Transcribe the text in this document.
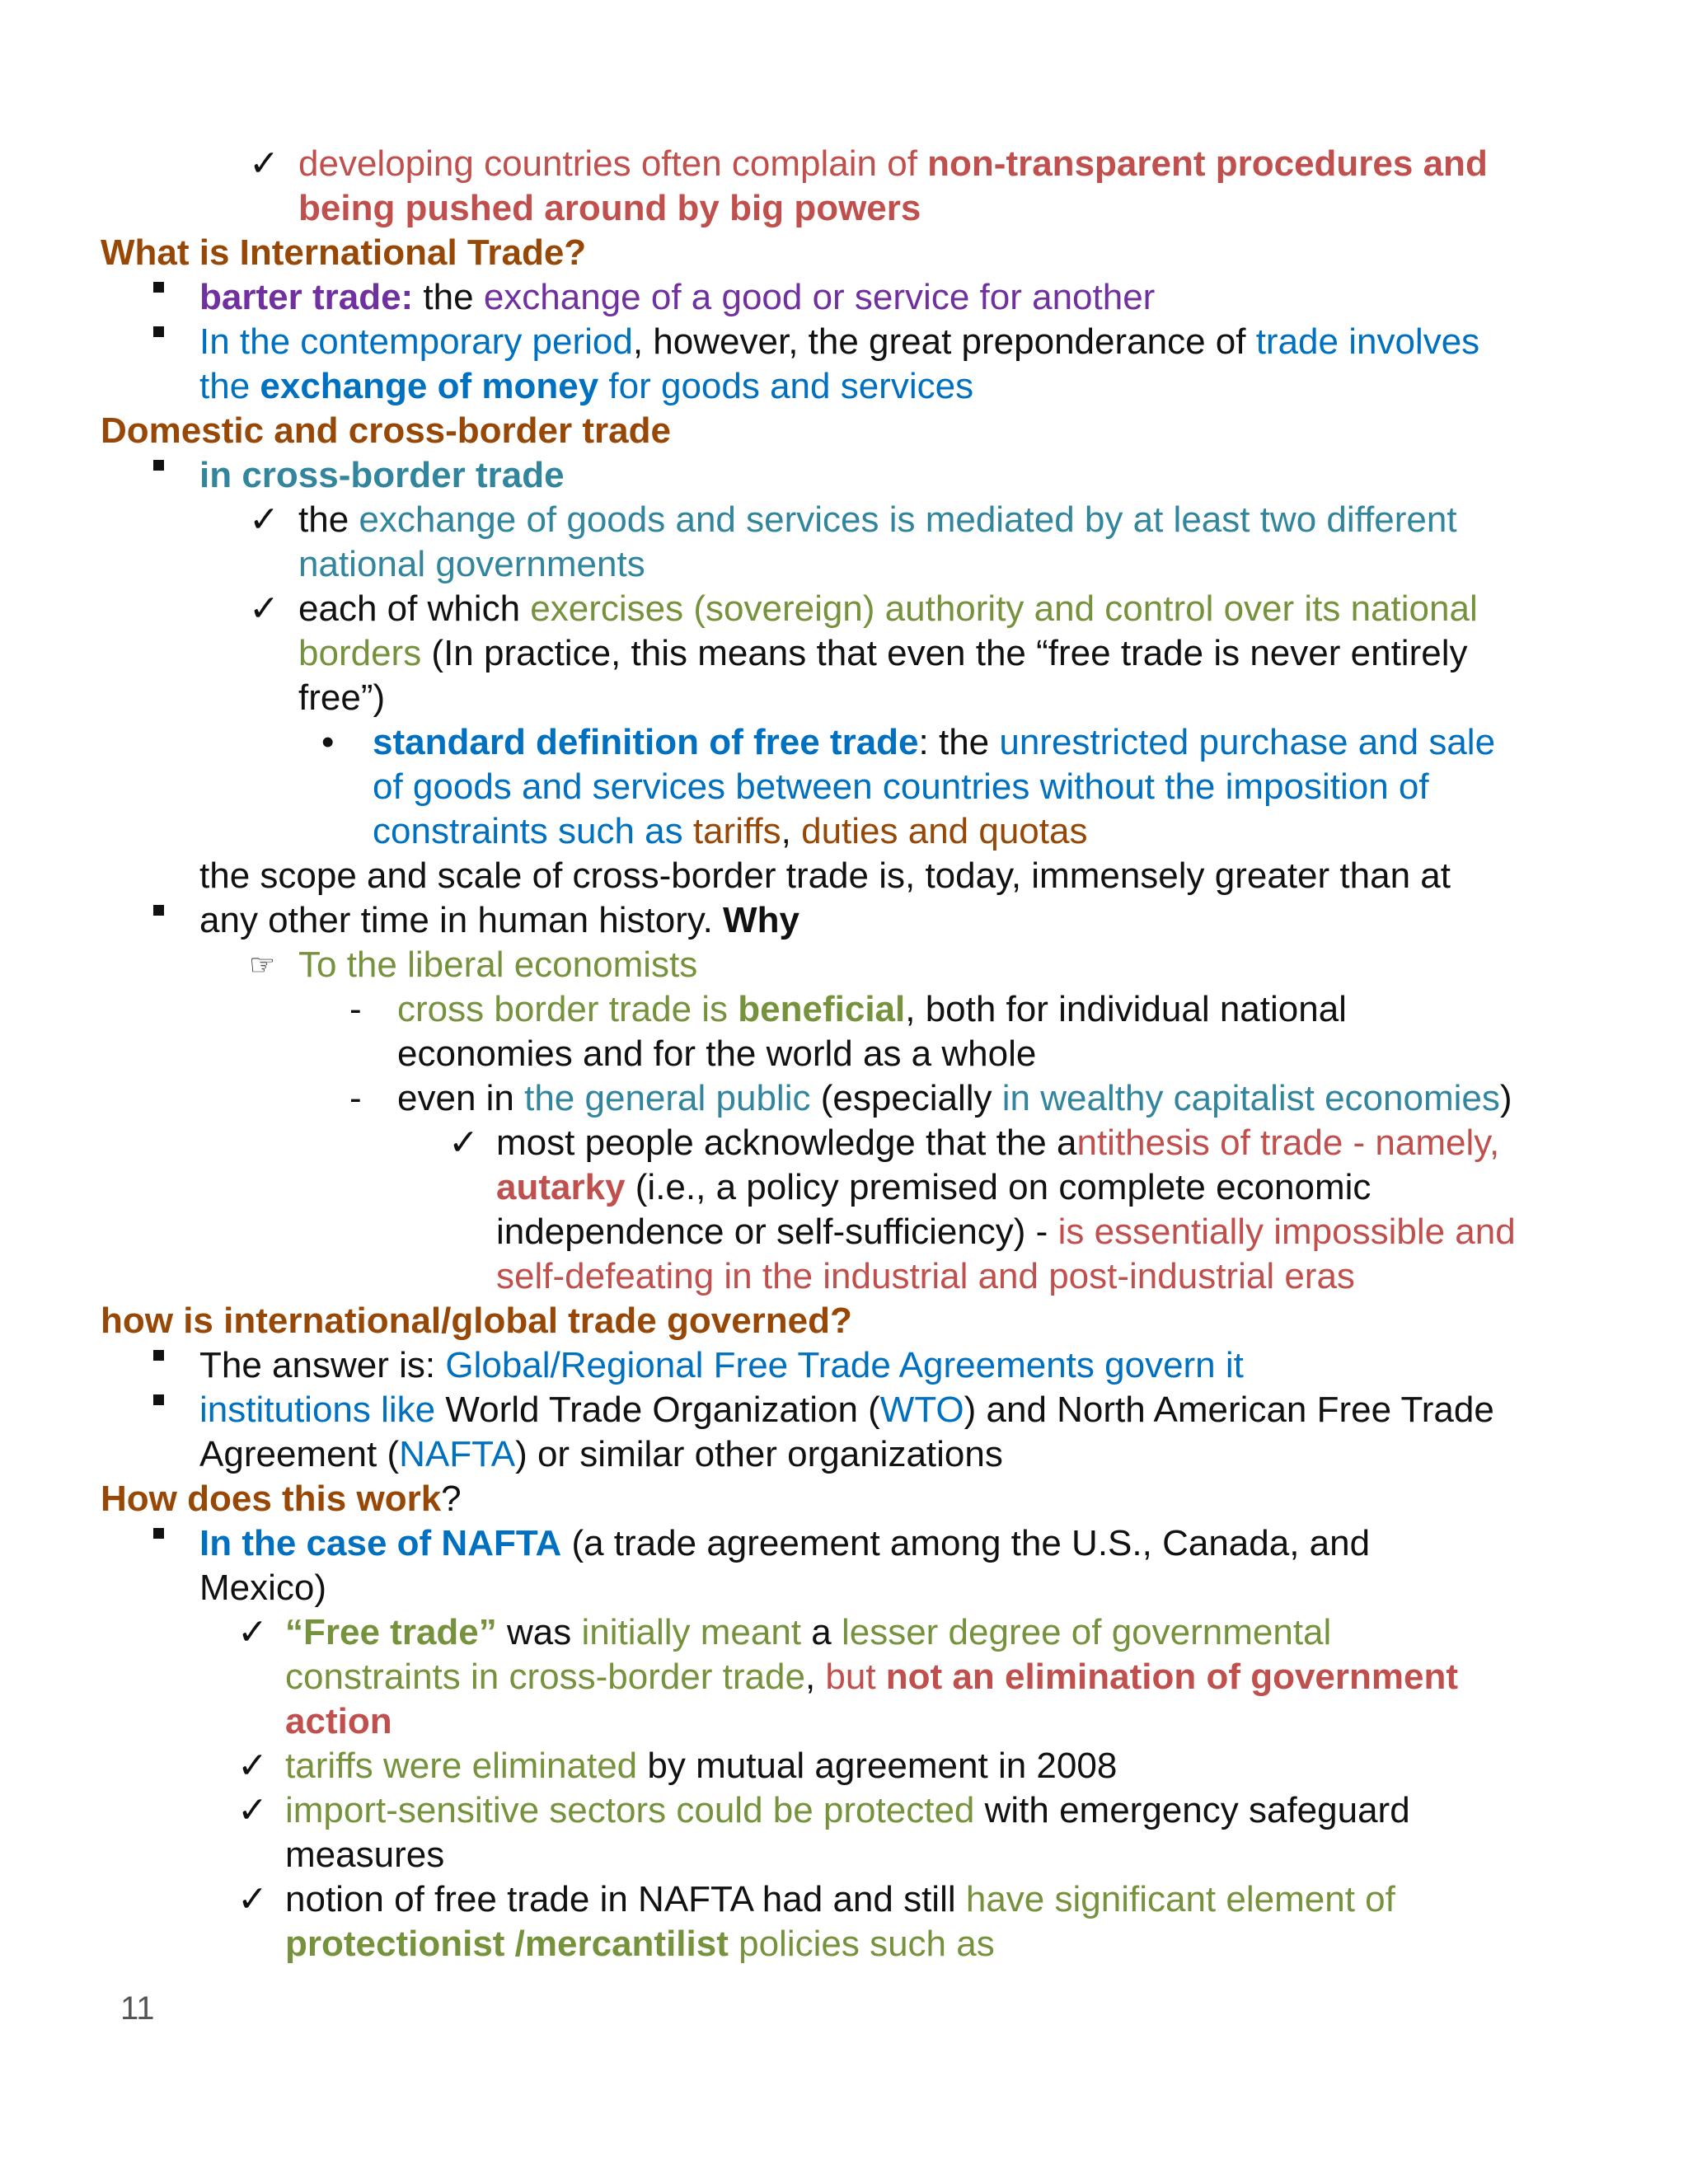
✓ developing countries often complain of non-transparent procedures and
being pushed around by big powers
What is International Trade?
barter trade: the exchange of a good or service for another
In the contemporary period, however, the great preponderance of trade involves
the exchange of money for goods and services
Domestic and cross-border trade
in cross-border trade
✓ the exchange of goods and services is mediated by at least two different
national governments
✓ each of which exercises (sovereign) authority and control over its national
borders (In practice, this means that even the “free trade is never entirely
free”)
• standard definition of free trade: the unrestricted purchase and sale
of goods and services between countries without the imposition of
constraints such as tariffs, duties and quotas
the scope and scale of cross-border trade is, today, immensely greater than at
any other time in human history. Why
☞ To the liberal economists
- cross border trade is beneficial, both for individual national
economies and for the world as a whole
- even in the general public (especially in wealthy capitalist economies)
✓ most people acknowledge that the antithesis of trade - namely,
autarky (i.e., a policy premised on complete economic
independence or self-sufficiency) - is essentially impossible and
self-defeating in the industrial and post-industrial eras
how is international/global trade governed?
The answer is: Global/Regional Free Trade Agreements govern it
institutions like World Trade Organization (WTO) and North American Free Trade
Agreement (NAFTA) or similar other organizations
How does this work?
In the case of NAFTA (a trade agreement among the U.S., Canada, and
Mexico)
✓ “Free trade” was initially meant a lesser degree of governmental
constraints in cross-border trade, but not an elimination of government
action
✓ tariffs were eliminated by mutual agreement in 2008
✓ import-sensitive sectors could be protected with emergency safeguard
measures
✓ notion of free trade in NAFTA had and still have significant element of
protectionist /mercantilist policies such as
11
